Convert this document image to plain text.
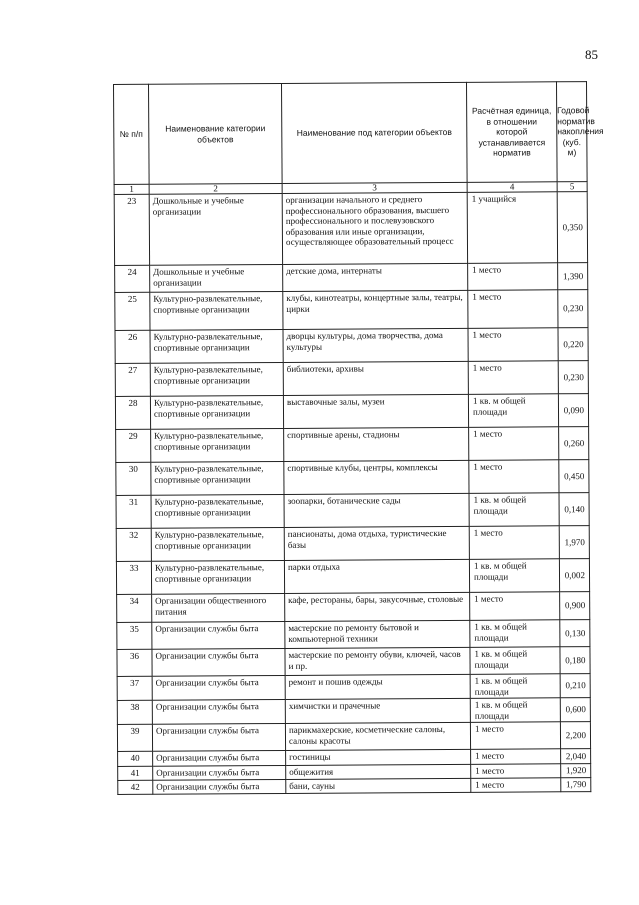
85
№ п/п	Наименование категории объектов	Наименование под категории объектов	Расчётная единица, в отношении которой устанавливается норматив	Годовой норматив накопления (куб. м)
1	2	3	4	5
23	Дошкольные и учебные организации	организации начального и среднего профессионального образования, высшего профессионального и послевузовского образования или иные организации, осуществляющее образовательный процесс	1 учащийся	0,350
24	Дошкольные и учебные организации	детские дома, интернаты	1 место	1,390
25	Культурно-развлекательные, спортивные организации	клубы, кинотеатры, концертные залы, театры, цирки	1 место	0,230
26	Культурно-развлекательные, спортивные организации	дворцы культуры, дома творчества, дома культуры	1 место	0,220
27	Культурно-развлекательные, спортивные организации	библиотеки, архивы	1 место	0,230
28	Культурно-развлекательные, спортивные организации	выставочные залы, музеи	1 кв. м общей площади	0,090
29	Культурно-развлекательные, спортивные организации	спортивные арены, стадионы	1 место	0,260
30	Культурно-развлекательные, спортивные организации	спортивные клубы, центры, комплексы	1 место	0,450
31	Культурно-развлекательные, спортивные организации	зоопарки, ботанические сады	1 кв. м общей площади	0,140
32	Культурно-развлекательные, спортивные организации	пансионаты, дома отдыха, туристические базы	1 место	1,970
33	Культурно-развлекательные, спортивные организации	парки отдыха	1 кв. м общей площади	0,002
34	Организации общественного питания	кафе, рестораны, бары, закусочные, столовые	1 место	0,900
35	Организации службы быта	мастерские по ремонту бытовой и компьютерной техники	1 кв. м общей площади	0,130
36	Организации службы быта	мастерские по ремонту обуви, ключей, часов и пр.	1 кв. м общей площади	0,180
37	Организации службы быта	ремонт и пошив одежды	1 кв. м общей площади	0,210
38	Организации службы быта	химчистки и прачечные	1 кв. м общей площади	0,600
39	Организации службы быта	парикмахерские, косметические салоны, салоны красоты	1 место	2,200
40	Организации службы быта	гостиницы	1 место	2,040
41	Организации службы быта	общежития	1 место	1,920
42	Организации службы быта	бани, сауны	1 место	1,790
